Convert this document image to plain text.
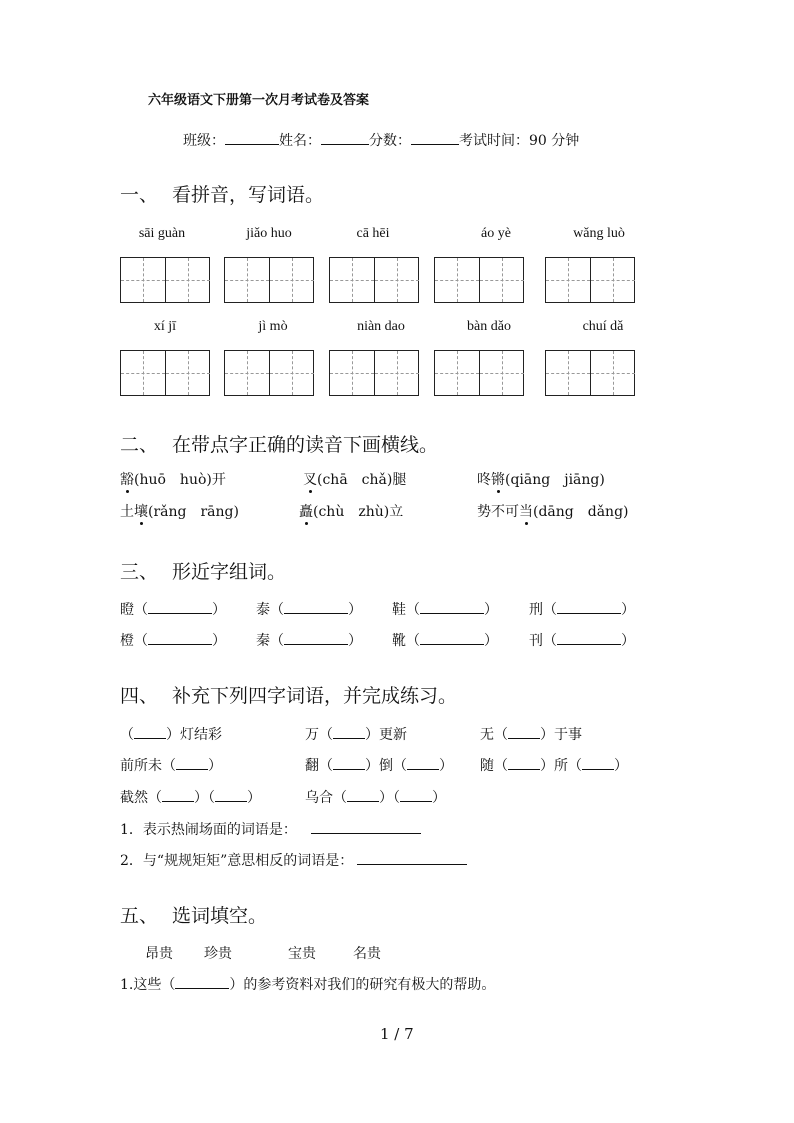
六年级语文下册第一次月考试卷及答案
班级：	姓名：	分数：	考试时间：90 分钟
一、 看拼音，写词语。
sāi guàn	jiǎo huo	cā hēi	áo yè	wǎng luò
xí jī	jì mò	niàn dao	bàn dǎo	chuí dǎ
二、 在带点字正确的读音下画横线。
豁(huō　huò)开	叉(chā　chǎ)腿	咚锵(qiāng　jiāng)
土壤(rǎng　rāng)	矗(chù　zhù)立	势不可当(dāng　dǎng)
三、 形近字组词。
瞪（	） 泰（	） 鞋（	） 刑（	）
橙（	） 秦（	） 靴（	） 刊（	）
四、 补充下列四字词语，并完成练习。
（ ）灯结彩	万（ ）更新	无（ ）于事
前所未（ ）	翻（ ）倒（ ） 随（ ）所（ ）
截然（ ）（ ）	乌合（ ）（ ）
1．表示热闹场面的词语是：
2．与“规规矩矩”意思相反的词语是：
五、 选词填空。
昂贵 珍贵	宝贵	名贵
1.这些（	）的参考资料对我们的研究有极大的帮助。
1 / 7
